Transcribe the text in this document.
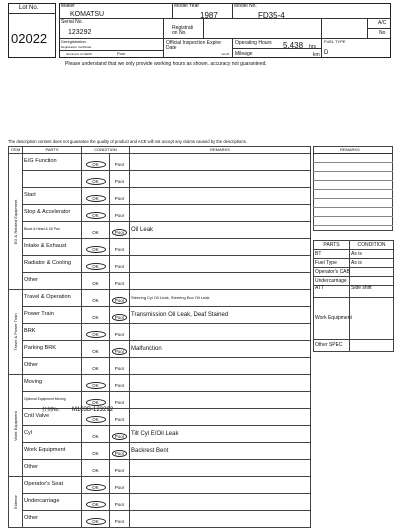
Lot No.
02022
Maker
KOMATSU
Model Year
1987
Model No.
FD35-4
Serial No.
123292
Registrati on No.
A/C
No
Deregistration
Registration Certificate
document of CEMA	Poor
Official Inspection Expire Date
month
Operating Hours 5,438 hrs
Mileage	km
FUEL TYPE
D
Please understand that we only provide working hours as shown. accuracy not guaranteed.
The description content does not guarantee the quality of product and ACE will not accept any claims caused by the descriptions.
ITEM	PARTS	CONDITION		REMARKS

EG & Related Equipment	E/G Function	OK	Poor	
		OK	Poor	
	Start	OK	Poor	
	Stop & Accelerator	OK	Poor	
	Block & Head & Oil Pan	OK	Poor	Oil Leak
	Intake & Exhaust	OK	Poor	
	Radiator & Cooling	OK	Poor	
	Other	OK	Poor	

Travel & Power Train	Travel & Operation	OK	Poor	Steering Cyl Oil Leak, Steering Box Oil Leak
	Power Train	OK	Poor	Transmission Oil Leak, Deaf Stained
	BRK	OK	Poor	
	Parking BRK	OK	Poor	Malfunction
	Other	OK	Poor	

Work Equipment	Moving	OK	Poor	
	Optional Equipment Moving	OK	Poor	
	Cntl Valve	OK	Poor	
	Cyl	OK	Poor	Tilt Cyl E/Oil Leak
	Work Equipment	OK	Poor	Backrest Bent
	Other	OK	Poor	

Exterior	Operator's Seat	OK	Poor	
	Undercarriage	OK	Poor	
	Other	OK	Poor	
REMARKS
PARTS	CONDITION
BT	As is
Fuel Type	As is
Operator's CAB	
Undercarriage	
ATT	Side shift
Work Equipment	
Other SPEC	
打刻No. M103B-123292
